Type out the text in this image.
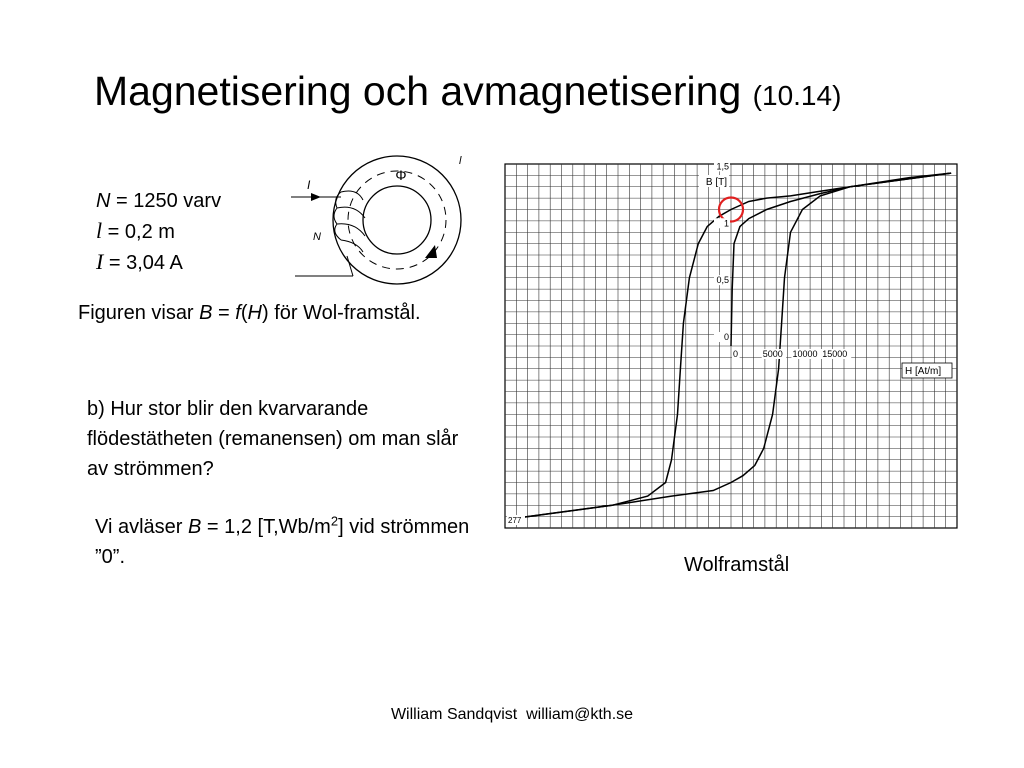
Magnetisering och avmagnetisering (10.14)
N = 1250 varv
l = 0,2 m
I = 3,04 A
Φ
I
N
l
Figuren visar B = f(H) för Wol-framstål.
b) Hur stor blir den kvarvarande flödestätheten (remanensen) om man slår av strömmen?
Vi avläser B = 1,2 $[T,Wb/m^2]$ vid strömmen ”0”.
1,5
1
0,5
0
0	5000 10000 15000
B [T]
H [At/m]
277
Wolframstål
William Sandqvist william@kth.se
